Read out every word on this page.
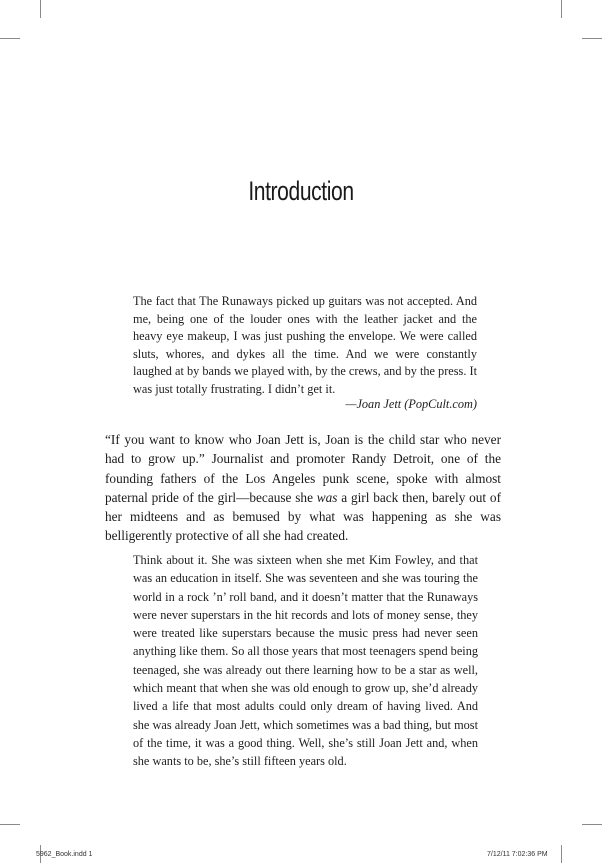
Introduction
The fact that The Runaways picked up guitars was not accepted. And me, being one of the louder ones with the leather jacket and the heavy eye makeup, I was just pushing the envelope. We were called sluts, whores, and dykes all the time. And we were constantly laughed at by bands we played with, by the crews, and by the press. It was just totally frustrating. I didn’t get it.
—Joan Jett (PopCult.com)
“If you want to know who Joan Jett is, Joan is the child star who never had to grow up.” Journalist and promoter Randy Detroit, one of the founding fathers of the Los Angeles punk scene, spoke with almost paternal pride of the girl—because she was a girl back then, barely out of her midteens and as bemused by what was happening as she was belligerently protective of all she had created.
Think about it. She was sixteen when she met Kim Fowley, and that was an education in itself. She was seventeen and she was touring the world in a rock ’n’ roll band, and it doesn’t matter that the Runaways were never superstars in the hit records and lots of money sense, they were treated like superstars because the music press had never seen anything like them. So all those years that most teenagers spend being teenaged, she was already out there learning how to be a star as well, which meant that when she was old enough to grow up, she’d already lived a life that most adults could only dream of having lived. And she was already Joan Jett, which sometimes was a bad thing, but most of the time, it was a good thing. Well, she’s still Joan Jett and, when she wants to be, she’s still fifteen years old.
5962_Book.indd 1	7/12/11 7:02:36 PM
